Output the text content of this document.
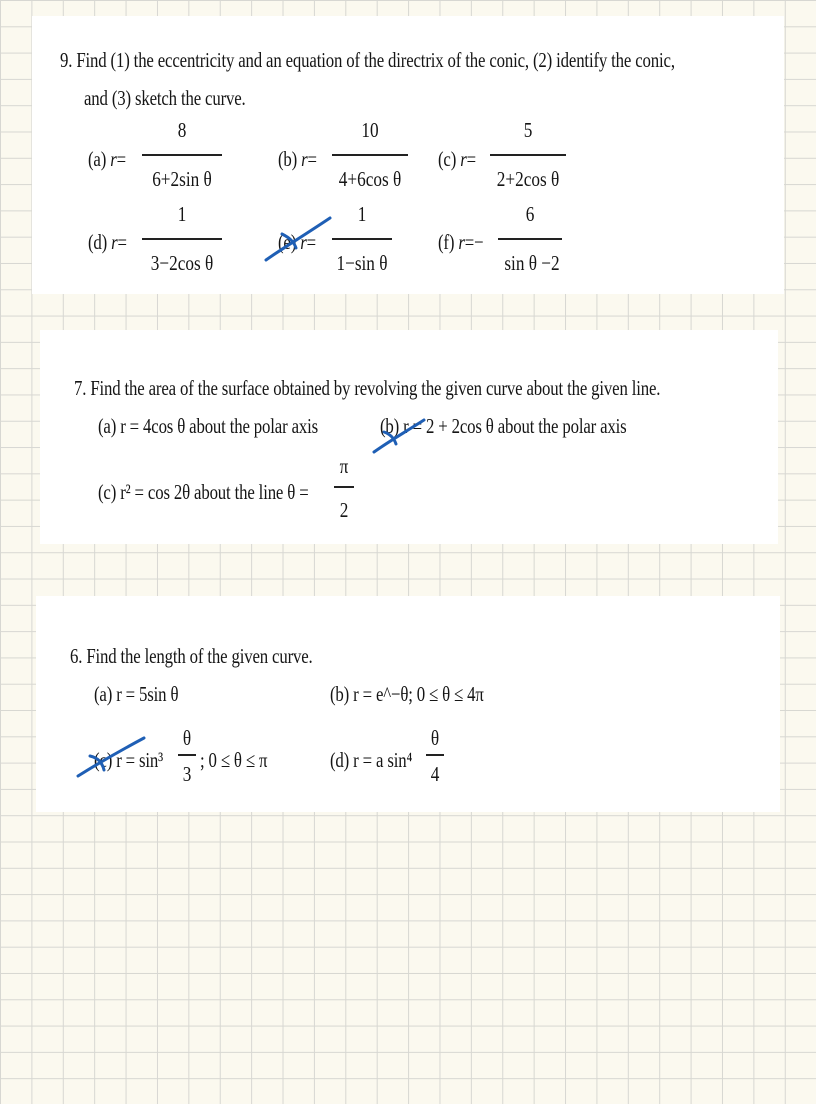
9. Find (1) the eccentricity and an equation of the directrix of the conic, (2) identify the conic,
and (3) sketch the curve.
(a) r=
8
6+2sin θ
(b) r=
10
4+6cos θ
(c) r=
5
2+2cos θ
(d) r=
1
3−2cos θ
(e) r=
1
1−sin θ
(f) r=−
6
sin θ −2
7. Find the area of the surface obtained by revolving the given curve about the given line.
(a) r = 4cos θ about the polar axis	(b) r = 2 + 2cos θ about the polar axis
(c) r² = cos 2θ about the line θ =
π
2
6. Find the length of the given curve.
(a) r = 5sin θ	(b) r = e^−θ; 0 ≤ θ ≤ 4π
(c) r = sin³
θ
3
; 0 ≤ θ ≤ π	(d) r = a sin⁴
θ
4
